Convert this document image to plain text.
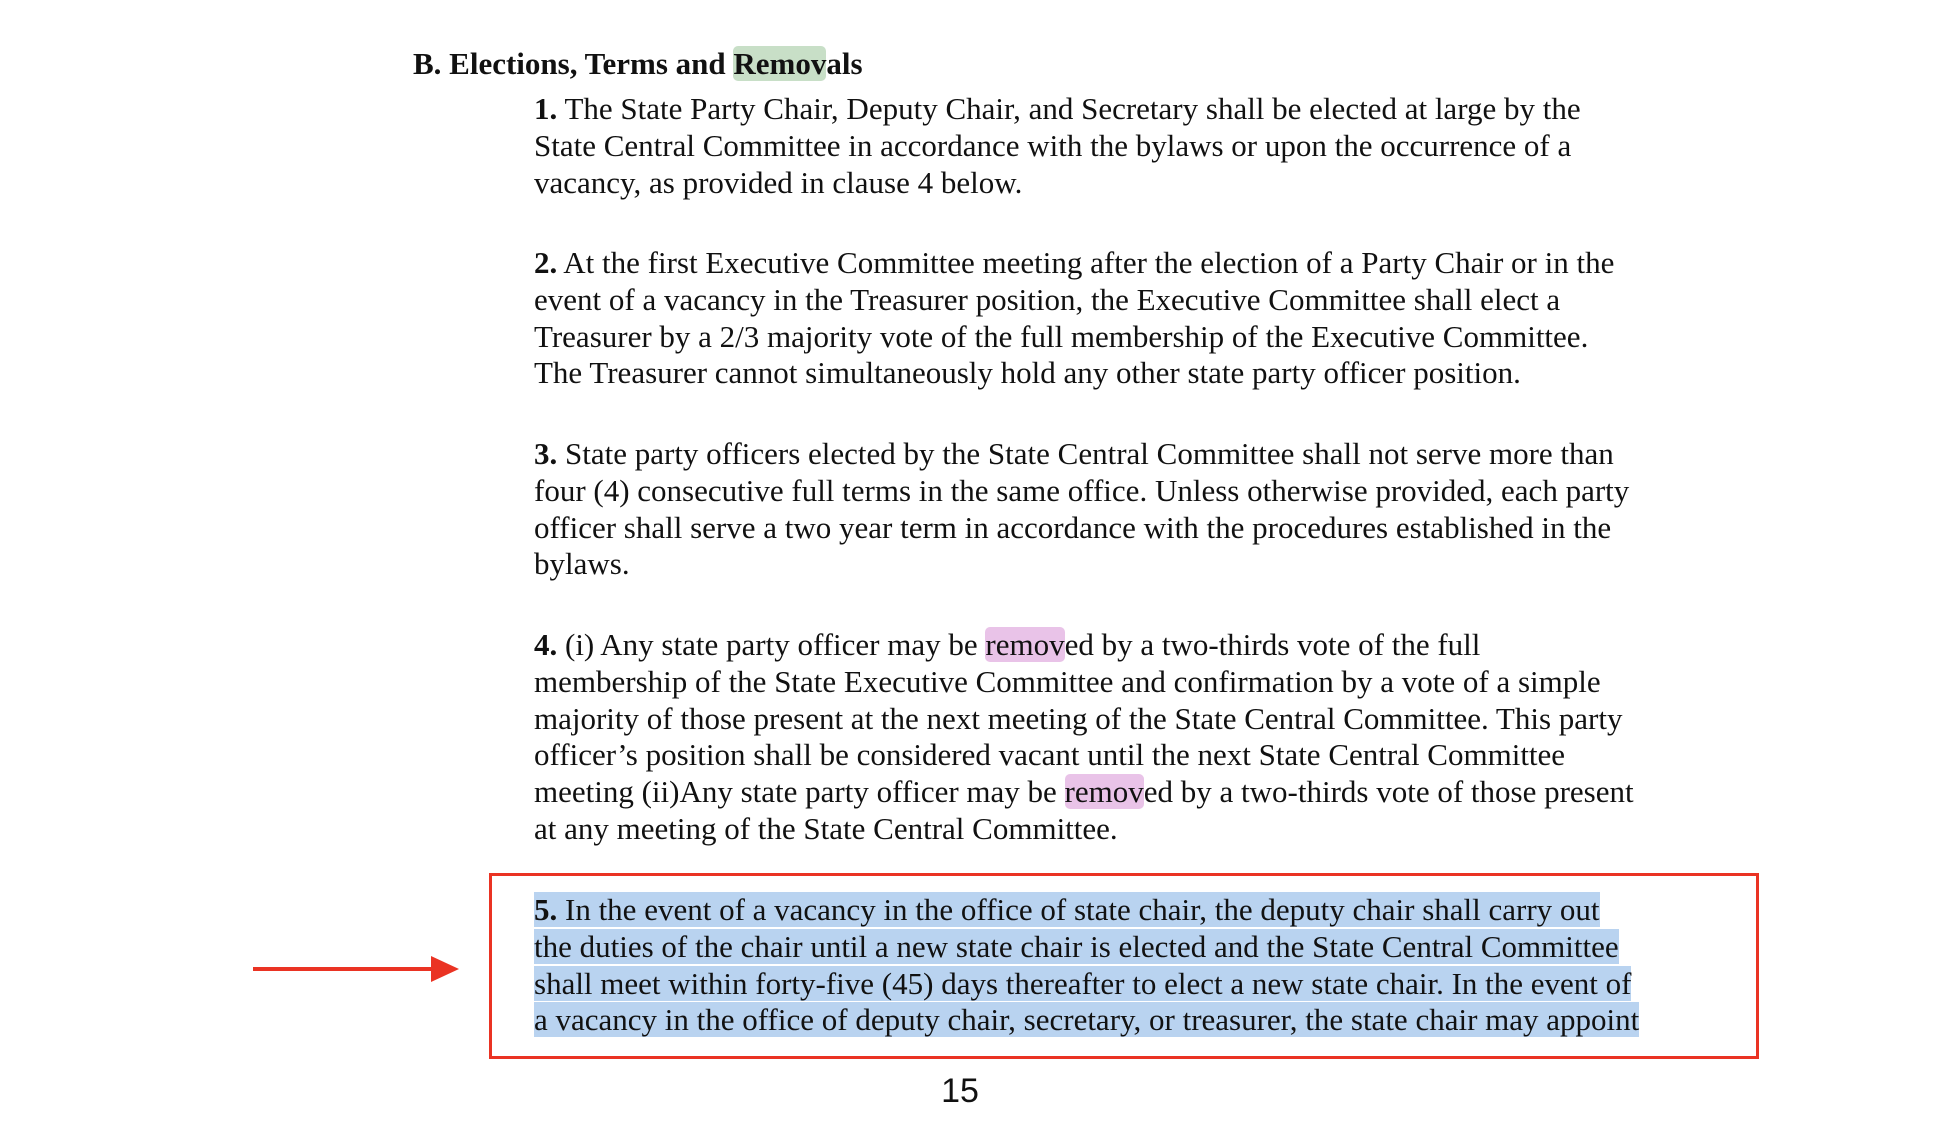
B. Elections, Terms and Removals
1. The State Party Chair, Deputy Chair, and Secretary shall be elected at large by the
State Central Committee in accordance with the bylaws or upon the occurrence of a
vacancy, as provided in clause 4 below.
2. At the first Executive Committee meeting after the election of a Party Chair or in the
event of a vacancy in the Treasurer position, the Executive Committee shall elect a
Treasurer by a 2/3 majority vote of the full membership of the Executive Committee.
The Treasurer cannot simultaneously hold any other state party officer position.
3. State party officers elected by the State Central Committee shall not serve more than
four (4) consecutive full terms in the same office. Unless otherwise provided, each party
officer shall serve a two year term in accordance with the procedures established in the
bylaws.
4. (i) Any state party officer may be removed by a two-thirds vote of the full
membership of the State Executive Committee and confirmation by a vote of a simple
majority of those present at the next meeting of the State Central Committee. This party
officer’s position shall be considered vacant until the next State Central Committee
meeting (ii)Any state party officer may be removed by a two-thirds vote of those present
at any meeting of the State Central Committee.
5. In the event of a vacancy in the office of state chair, the deputy chair shall carry out
the duties of the chair until a new state chair is elected and the State Central Committee
shall meet within forty-five (45) days thereafter to elect a new state chair. In the event of
a vacancy in the office of deputy chair, secretary, or treasurer, the state chair may appoint
15
